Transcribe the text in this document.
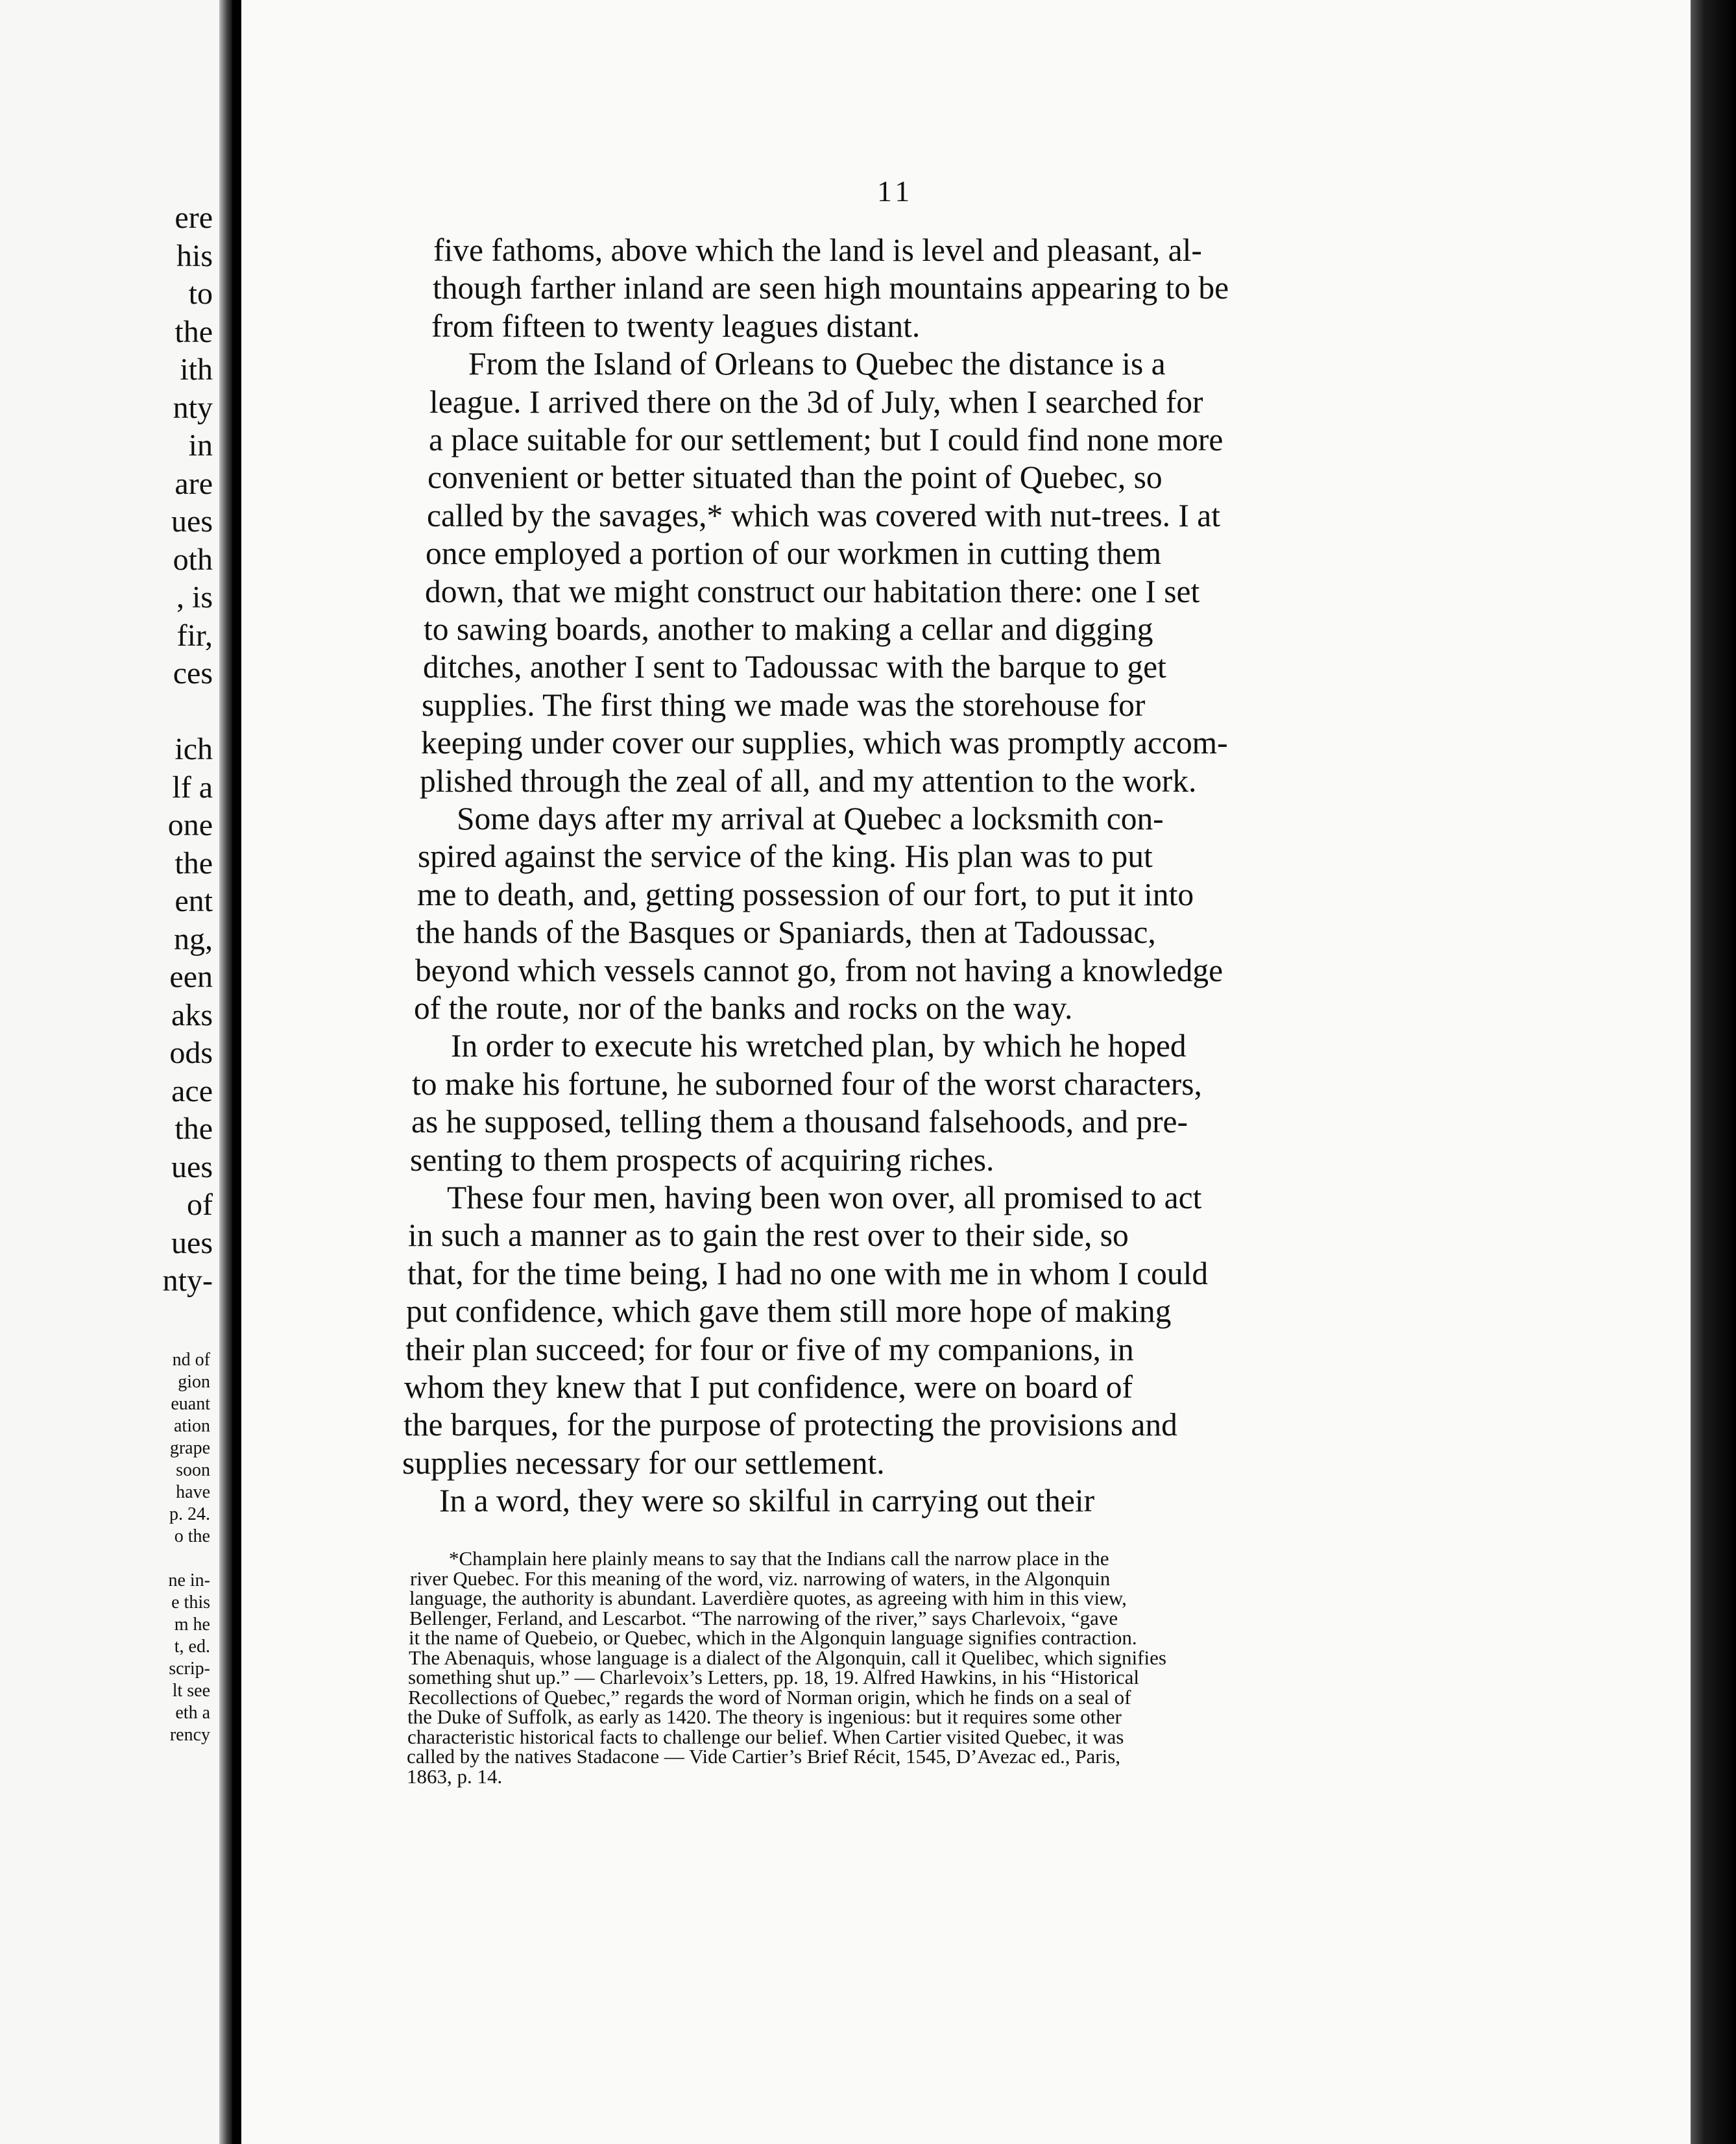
ere
his
to
the
ith
nty
in
are
ues
oth
, is
fir,
ces
ich
lf a
one
the
ent
ng,
een
aks
ods
ace
the
ues
of
ues
nty-
nd of
gion
euant
ation
grape
soon
have
p. 24.
o the
ne in-
e this
m he
t, ed.
scrip-
lt see
eth a
rency
11
five fathoms, above which the land is level and pleasant, al-
though farther inland are seen high mountains appearing to be
from fifteen to twenty leagues distant.
From the Island of Orleans to Quebec the distance is a
league. I arrived there on the 3d of July, when I searched for
a place suitable for our settlement; but I could find none more
convenient or better situated than the point of Quebec, so
called by the savages,* which was covered with nut-trees. I at
once employed a portion of our workmen in cutting them
down, that we might construct our habitation there: one I set
to sawing boards, another to making a cellar and digging
ditches, another I sent to Tadoussac with the barque to get
supplies. The first thing we made was the storehouse for
keeping under cover our supplies, which was promptly accom-
plished through the zeal of all, and my attention to the work.
Some days after my arrival at Quebec a locksmith con-
spired against the service of the king. His plan was to put
me to death, and, getting possession of our fort, to put it into
the hands of the Basques or Spaniards, then at Tadoussac,
beyond which vessels cannot go, from not having a knowledge
of the route, nor of the banks and rocks on the way.
In order to execute his wretched plan, by which he hoped
to make his fortune, he suborned four of the worst characters,
as he supposed, telling them a thousand falsehoods, and pre-
senting to them prospects of acquiring riches.
These four men, having been won over, all promised to act
in such a manner as to gain the rest over to their side, so
that, for the time being, I had no one with me in whom I could
put confidence, which gave them still more hope of making
their plan succeed; for four or five of my companions, in
whom they knew that I put confidence, were on board of
the barques, for the purpose of protecting the provisions and
supplies necessary for our settlement.
In a word, they were so skilful in carrying out their
*Champlain here plainly means to say that the Indians call the narrow place in the
river Quebec. For this meaning of the word, viz. narrowing of waters, in the Algonquin
language, the authority is abundant. Laverdière quotes, as agreeing with him in this view,
Bellenger, Ferland, and Lescarbot. “The narrowing of the river,” says Charlevoix, “gave
it the name of Quebeio, or Quebec, which in the Algonquin language signifies contraction.
The Abenaquis, whose language is a dialect of the Algonquin, call it Quelibec, which signifies
something shut up.” — Charlevoix’s Letters, pp. 18, 19. Alfred Hawkins, in his “Historical
Recollections of Quebec,” regards the word of Norman origin, which he finds on a seal of
the Duke of Suffolk, as early as 1420. The theory is ingenious: but it requires some other
characteristic historical facts to challenge our belief. When Cartier visited Quebec, it was
called by the natives Stadacone — Vide Cartier’s Brief Récit, 1545, D’Avezac ed., Paris,
1863, p. 14.
